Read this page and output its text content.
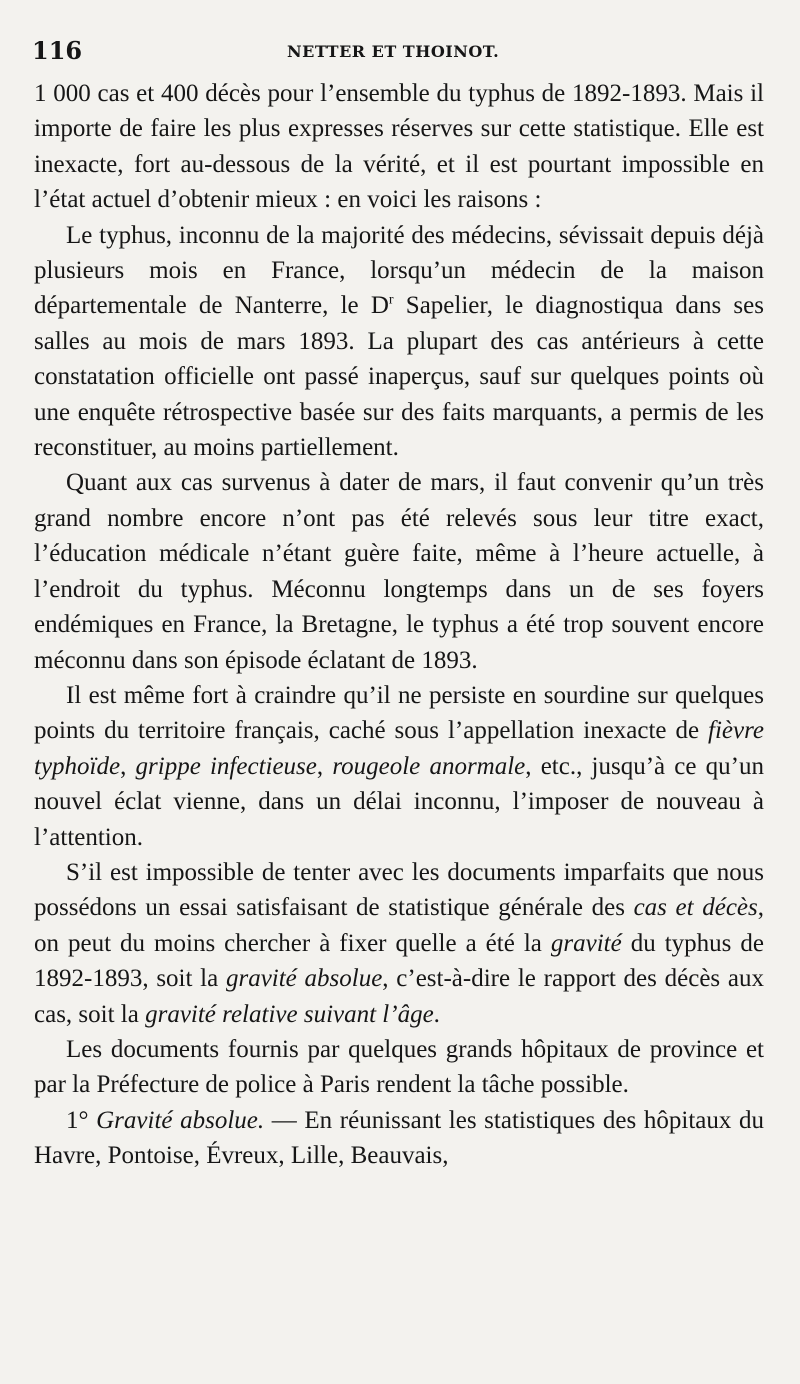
116	NETTER ET THOINOT.

1 000 cas et 400 décès pour l’ensemble du typhus de 1892-1893. Mais il importe de faire les plus expresses réserves sur cette statistique. Elle est inexacte, fort au-dessous de la vérité, et il est pourtant impossible en l’état actuel d’obtenir mieux : en voici les raisons :

Le typhus, inconnu de la majorité des médecins, sévissait depuis déjà plusieurs mois en France, lorsqu’un médecin de la maison départementale de Nanterre, le $D^r$ Sapelier, le diagnostiqua dans ses salles au mois de mars 1893. La plupart des cas antérieurs à cette constatation officielle ont passé inaperçus, sauf sur quelques points où une enquête rétrospective basée sur des faits marquants, a permis de les reconstituer, au moins partiellement.

Quant aux cas survenus à dater de mars, il faut convenir qu’un très grand nombre encore n’ont pas été relevés sous leur titre exact, l’éducation médicale n’étant guère faite, même à l’heure actuelle, à l’endroit du typhus. Méconnu longtemps dans un de ses foyers endémiques en France, la Bretagne, le typhus a été trop souvent encore méconnu dans son épisode éclatant de 1893.

Il est même fort à craindre qu’il ne persiste en sourdine sur quelques points du territoire français, caché sous l’appellation inexacte de fièvre typhoïde, grippe infectieuse, rougeole anormale, etc., jusqu’à ce qu’un nouvel éclat vienne, dans un délai inconnu, l’imposer de nouveau à l’attention.

S’il est impossible de tenter avec les documents imparfaits que nous possédons un essai satisfaisant de statistique générale des cas et décès, on peut du moins chercher à fixer quelle a été la gravité du typhus de 1892-1893, soit la gravité absolue, c’est-à-dire le rapport des décès aux cas, soit la gravité relative suivant l’âge.

Les documents fournis par quelques grands hôpitaux de province et par la Préfecture de police à Paris rendent la tâche possible.

1° Gravité absolue. — En réunissant les statistiques des hôpitaux du Havre, Pontoise, Évreux, Lille, Beauvais,
